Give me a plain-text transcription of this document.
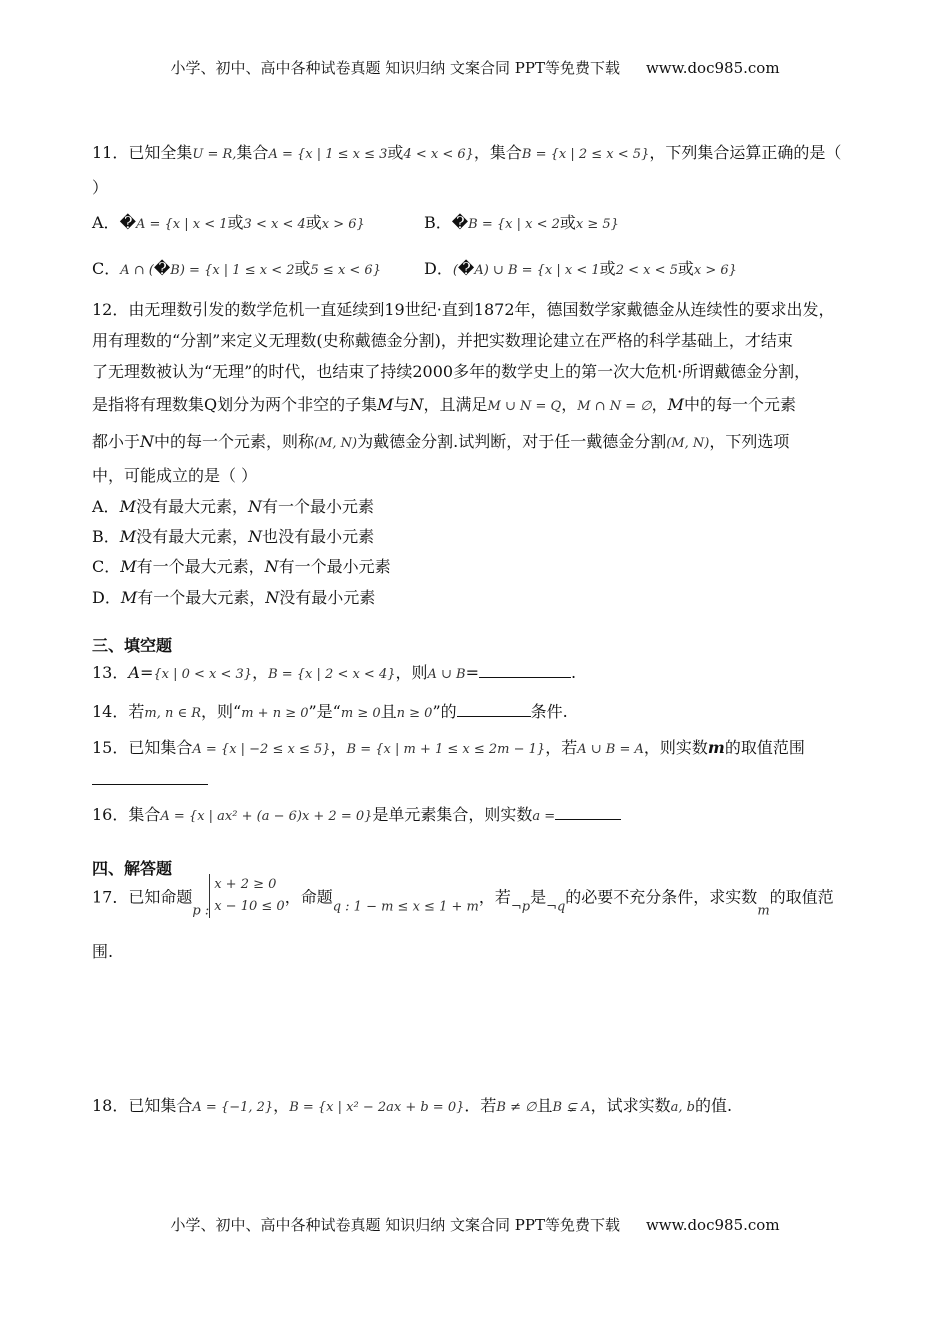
小学、初中、高中各种试卷真题 知识归纳 文案合同 PPT等免费下载 www.doc985.com
11．已知全集U = R,集合A = {x | 1 ≤ x ≤ 3或4 < x < 6}，集合B = {x | 2 ≤ x < 5}，下列集合运算正确的是（
）
A．�A = {x | x < 1或3 < x < 4或x > 6}	B．�B = {x | x < 2或x ≥ 5}
C．A ∩ (�B) = {x | 1 ≤ x < 2或5 ≤ x < 6}	D．(�A) ∪ B = {x | x < 1或2 < x < 5或x > 6}
12．由无理数引发的数学危机一直延续到19世纪·直到1872年，德国数学家戴德金从连续性的要求出发，
用有理数的“分割”来定义无理数(史称戴德金分割)，并把实数理论建立在严格的科学基础上，才结束
了无理数被认为“无理”的时代，也结束了持续2000多年的数学史上的第一次大危机·所谓戴德金分割，
是指将有理数集Q划分为两个非空的子集M与N，且满足M ∪ N = Q，M ∩ N = ∅，M中的每一个元素
都小于N中的每一个元素，则称(M, N)为戴德金分割.试判断，对于任一戴德金分割(M, N)，下列选项
中，可能成立的是（ ）
A．M没有最大元素，N有一个最小元素
B．M没有最大元素，N也没有最小元素
C．M有一个最大元素，N有一个最小元素
D．M有一个最大元素，N没有最小元素
三、填空题
13．A={x | 0 < x < 3}，B = {x | 2 < x < 4}，则A ∪ B=	.
14．若m, n ∈ R，则“m + n ≥ 0”是“m ≥ 0且n ≥ 0”的	条件.
15．已知集合A = {x | −2 ≤ x ≤ 5}，B = {x | m + 1 ≤ x ≤ 2m − 1}，若A ∪ B = A，则实数m的取值范围
16．集合A = {x | ax² + (a − 6)x + 2 = 0}是单元素集合，则实数a =
四、解答题
17．已知命题$_{p :}$
x + 2 ≥ 0
x − 10 ≤ 0 ，命题$_{q : 1 - m \le x \le 1 + m}$，若$_{\neg p}$是$_{\neg q}$的必要不充分条件，求实数$_m$的取值范
围.
18．已知集合A = {−1, 2}，B = {x | x² − 2ax + b = 0}．若B ≠ ∅且B ⊊ A，试求实数a, b的值.
小学、初中、高中各种试卷真题 知识归纳 文案合同 PPT等免费下载 www.doc985.com
